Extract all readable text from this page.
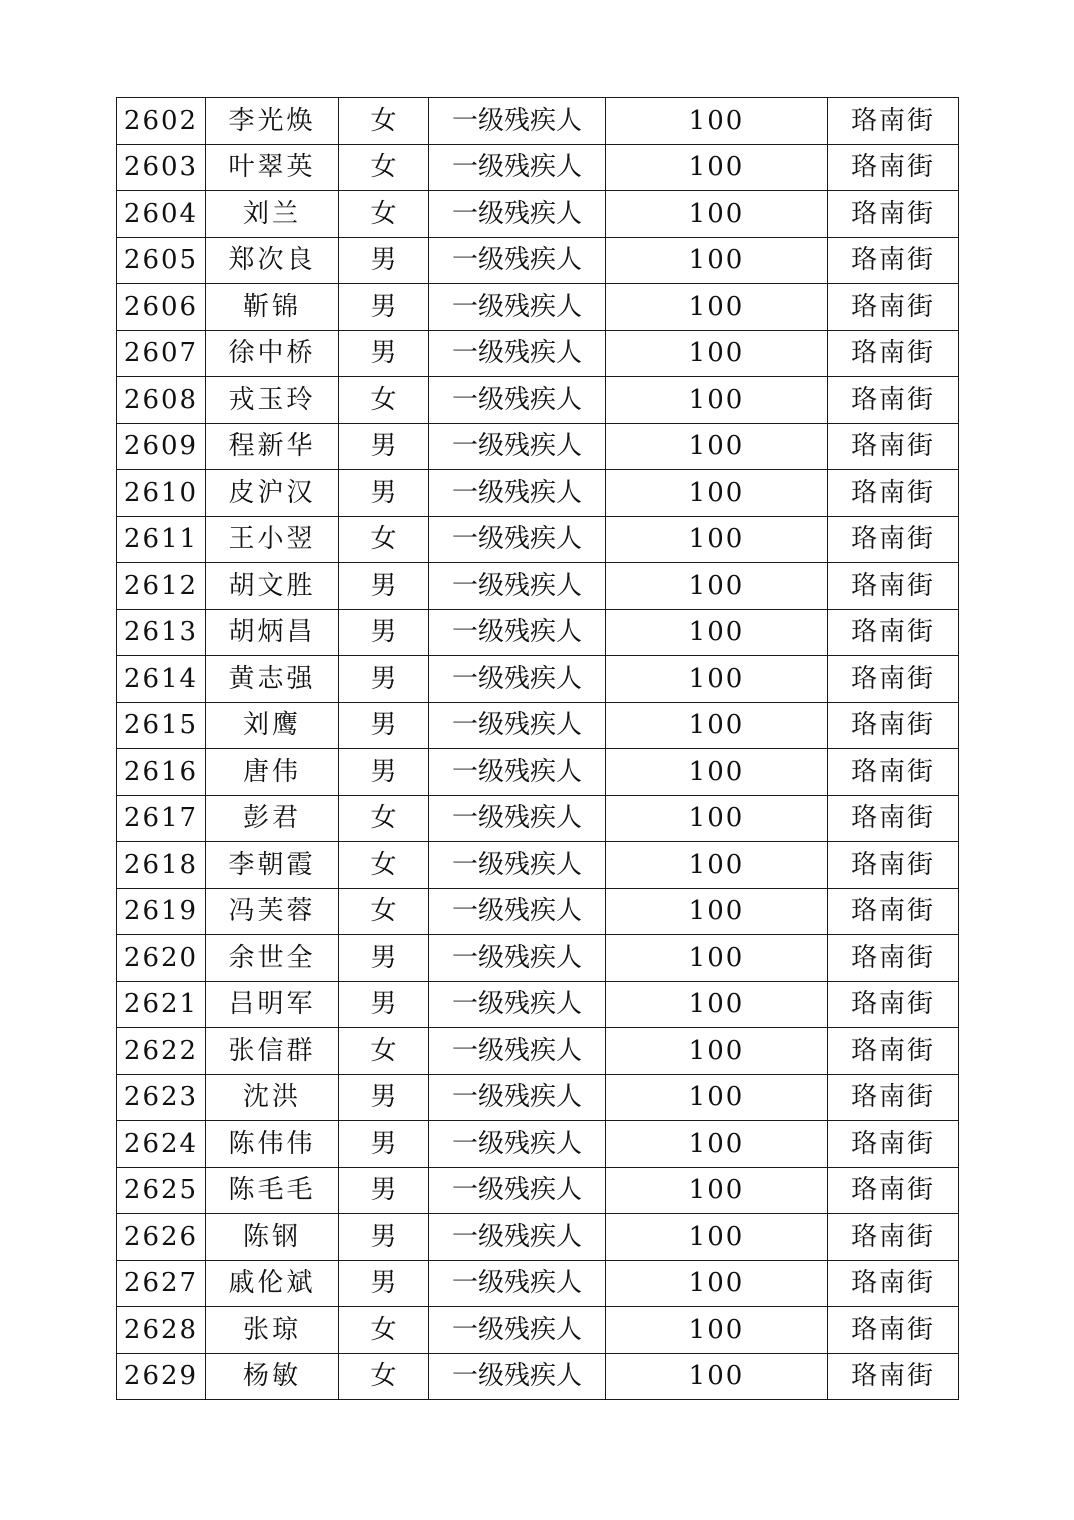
2602	李光焕	女	一级残疾人	100	珞南街
2603	叶翠英	女	一级残疾人	100	珞南街
2604	刘兰	女	一级残疾人	100	珞南街
2605	郑次良	男	一级残疾人	100	珞南街
2606	靳锦	男	一级残疾人	100	珞南街
2607	徐中桥	男	一级残疾人	100	珞南街
2608	戎玉玲	女	一级残疾人	100	珞南街
2609	程新华	男	一级残疾人	100	珞南街
2610	皮沪汉	男	一级残疾人	100	珞南街
2611	王小翌	女	一级残疾人	100	珞南街
2612	胡文胜	男	一级残疾人	100	珞南街
2613	胡炳昌	男	一级残疾人	100	珞南街
2614	黄志强	男	一级残疾人	100	珞南街
2615	刘鹰	男	一级残疾人	100	珞南街
2616	唐伟	男	一级残疾人	100	珞南街
2617	彭君	女	一级残疾人	100	珞南街
2618	李朝霞	女	一级残疾人	100	珞南街
2619	冯芙蓉	女	一级残疾人	100	珞南街
2620	余世全	男	一级残疾人	100	珞南街
2621	吕明军	男	一级残疾人	100	珞南街
2622	张信群	女	一级残疾人	100	珞南街
2623	沈洪	男	一级残疾人	100	珞南街
2624	陈伟伟	男	一级残疾人	100	珞南街
2625	陈毛毛	男	一级残疾人	100	珞南街
2626	陈钢	男	一级残疾人	100	珞南街
2627	戚伦斌	男	一级残疾人	100	珞南街
2628	张琼	女	一级残疾人	100	珞南街
2629	杨敏	女	一级残疾人	100	珞南街
